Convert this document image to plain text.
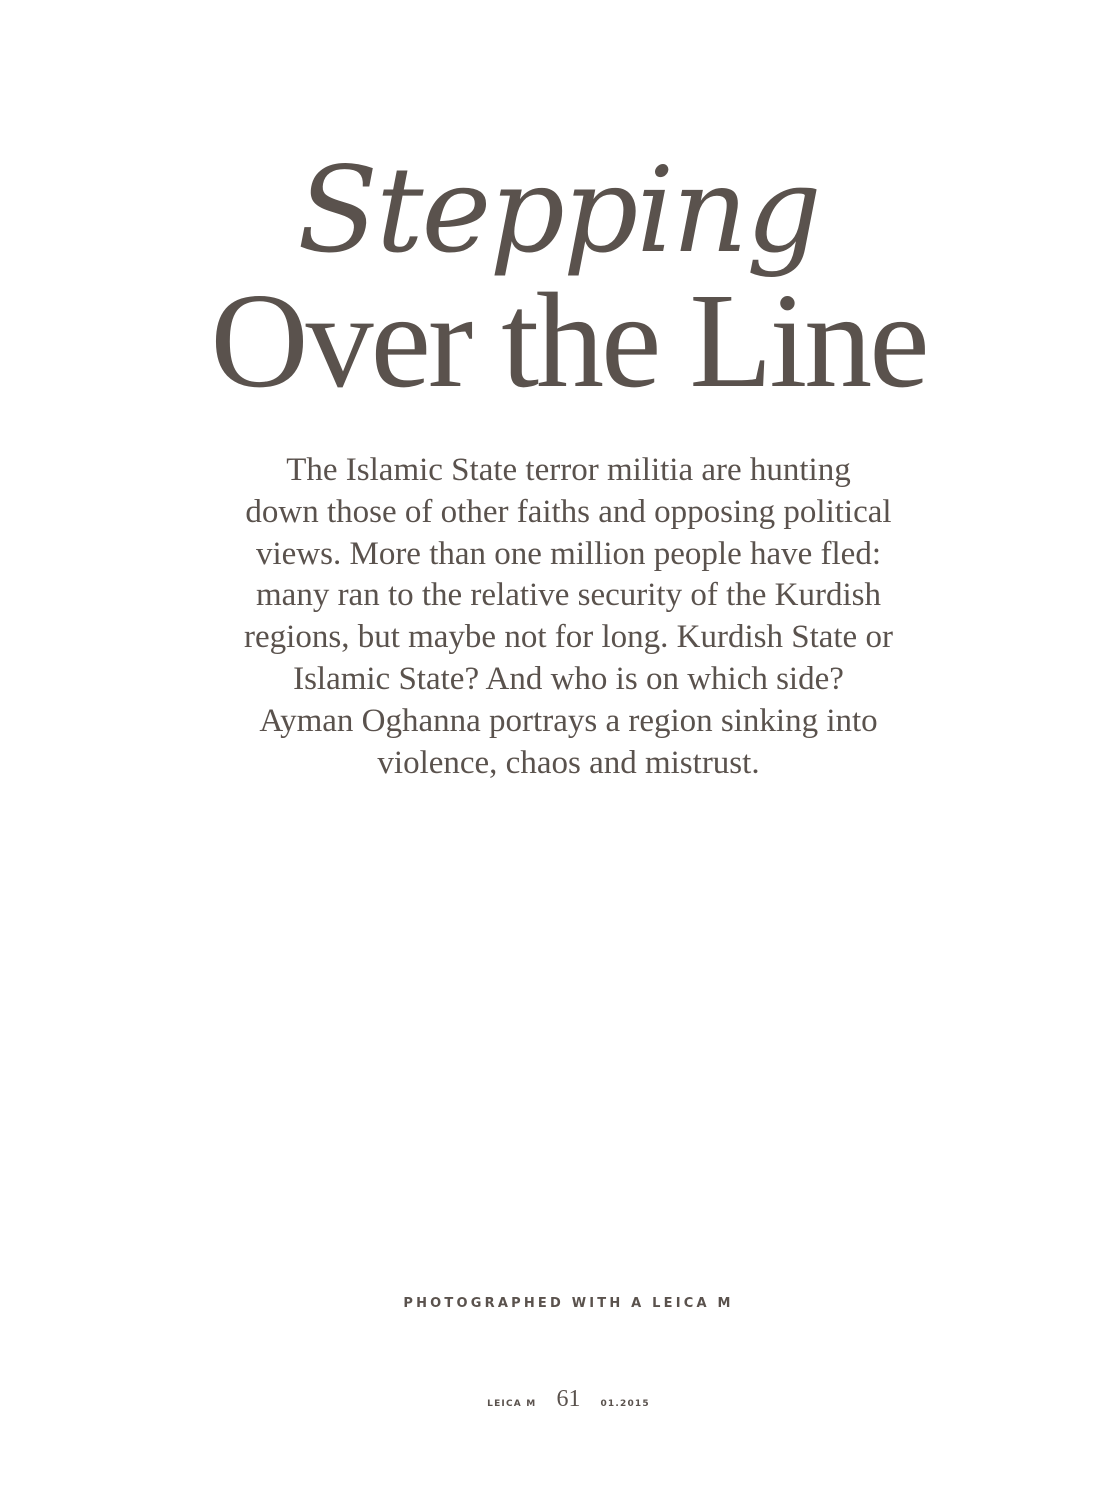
Stepping
Over the Line
The Islamic State terror militia are hunting
down those of other faiths and opposing political
views. More than one million people have fled:
many ran to the relative security of the Kurdish
regions, but maybe not for long. Kurdish State or
Islamic State? And who is on which side?
Ayman Oghanna portrays a region sinking into
violence, chaos and mistrust.
PHOTOGRAPHED WITH A LEICA M
LEICA M 61 01.2015
